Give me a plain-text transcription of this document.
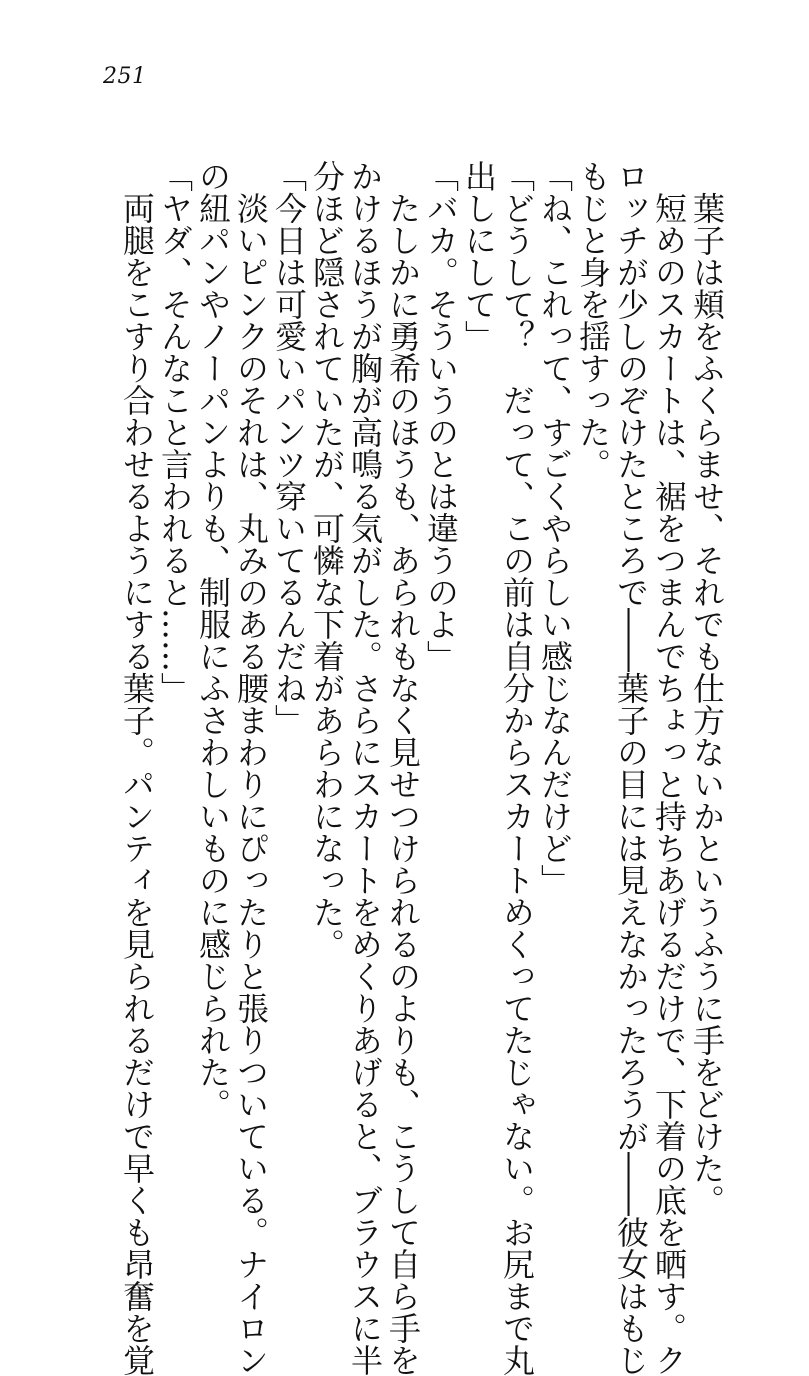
251
　葉子は頬をふくらませ、それでも仕方ないかというふうに手をどけた。
　短めのスカートは、裾をつまんでちょっと持ちあげるだけで、下着の底を晒す。ク
ロッチが少しのぞけたところで――葉子の目には見えなかったろうが――彼女はもじ
もじと身を揺すった。
「ね、これって、すごくやらしい感じなんだけど」
「どうして？　だって、この前は自分からスカートめくってたじゃない。お尻まで丸
出しにして」
「バカ。そういうのとは違うのよ」
　たしかに勇希のほうも、あられもなく見せつけられるのよりも、こうして自ら手を
かけるほうが胸が高鳴る気がした。さらにスカートをめくりあげると、ブラウスに半
分ほど隠されていたが、可憐な下着があらわになった。
「今日は可愛いパンツ穿いてるんだね」
　淡いピンクのそれは、丸みのある腰まわりにぴったりと張りついている。ナイロン
の紐パンやノーパンよりも、制服にふさわしいものに感じられた。
「ヤダ、そんなこと言われると……」
　両腿をこすり合わせるようにする葉子。パンティを見られるだけで早くも昂奮を覚
